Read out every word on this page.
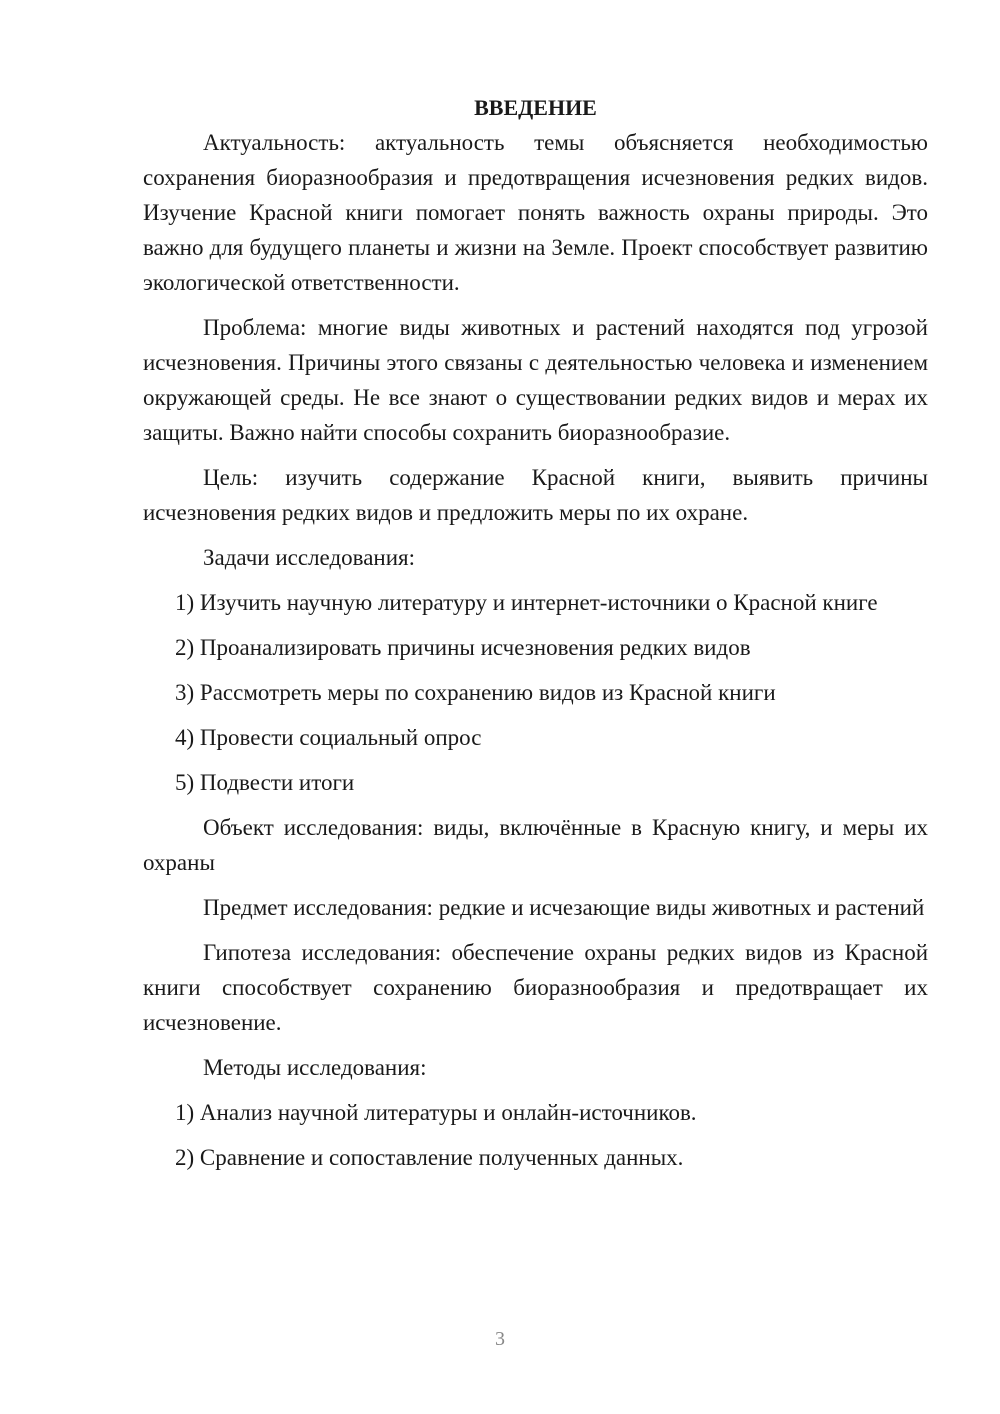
ВВЕДЕНИЕ

Актуальность: актуальность темы объясняется необходимостью сохранения биоразнообразия и предотвращения исчезновения редких видов. Изучение Красной книги помогает понять важность охраны природы. Это важно для будущего планеты и жизни на Земле. Проект способствует развитию экологической ответственности.

Проблема: многие виды животных и растений находятся под угрозой исчезновения. Причины этого связаны с деятельностью человека и изменением окружающей среды. Не все знают о существовании редких видов и мерах их защиты. Важно найти способы сохранить биоразнообразие.

Цель: изучить содержание Красной книги, выявить причины исчезновения редких видов и предложить меры по их охране.

Задачи исследования:

1) Изучить научную литературу и интернет-источники о Красной книге

2) Проанализировать причины исчезновения редких видов

3) Рассмотреть меры по сохранению видов из Красной книги

4) Провести социальный опрос

5) Подвести итоги

Объект исследования: виды, включённые в Красную книгу, и меры их охраны

Предмет исследования: редкие и исчезающие виды животных и растений

Гипотеза исследования: обеспечение охраны редких видов из Красной книги способствует сохранению биоразнообразия и предотвращает их исчезновение.

Методы исследования:

1) Анализ научной литературы и онлайн-источников.

2) Сравнение и сопоставление полученных данных.

3
